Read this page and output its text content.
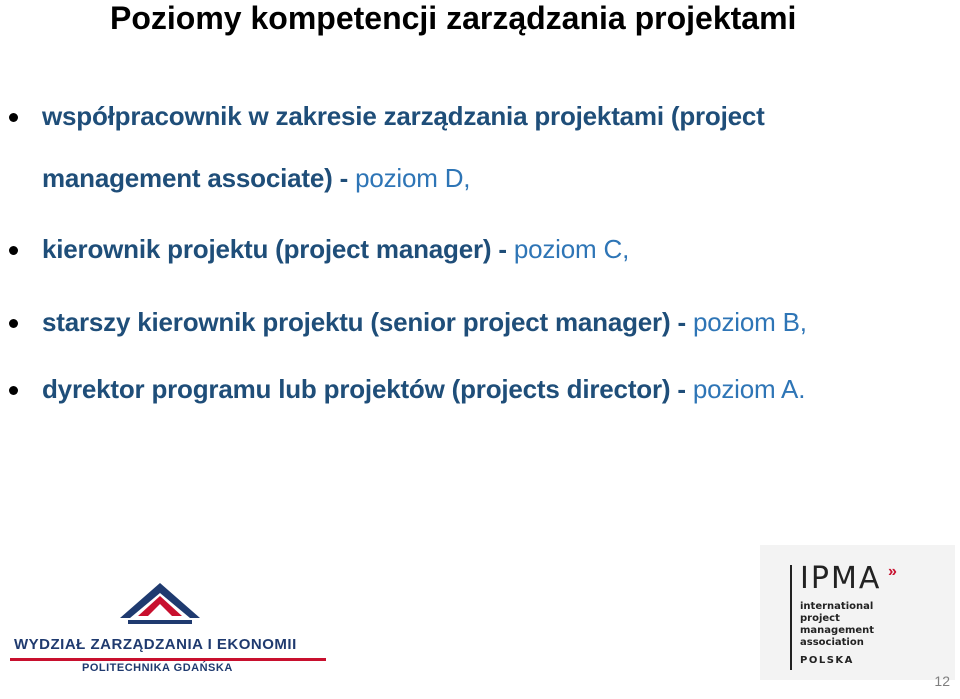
Poziomy kompetencji zarządzania projektami
współpracownik w zakresie zarządzania projektami (project
management associate) - poziom D,
kierownik projektu (project manager) - poziom C,
starszy kierownik projektu (senior project manager) - poziom B,
dyrektor programu lub projektów (projects director) - poziom A.
WYDZIAŁ ZARZĄDZANIA I EKONOMII
POLITECHNIKA GDAŃSKA
IPMA »
international
project
management
association
POLSKA
12
